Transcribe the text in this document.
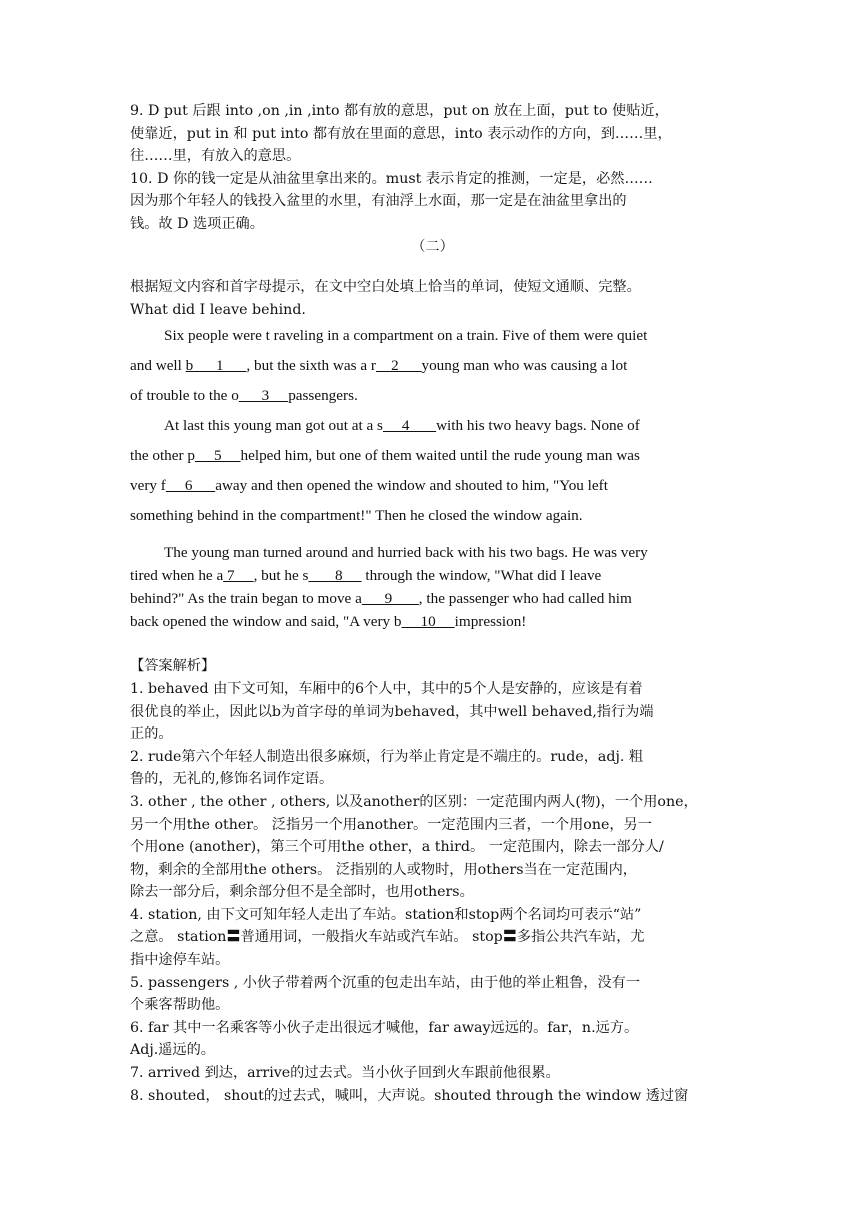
9. D put 后跟 into ,on ,in ,into 都有放的意思，put on 放在上面，put to 使贴近，

使靠近，put in 和 put into 都有放在里面的意思，into 表示动作的方向，到……里，

往……里，有放入的意思。

10. D 你的钱一定是从油盆里拿出来的。must 表示肯定的推测，一定是，必然……

因为那个年轻人的钱投入盆里的水里，有油浮上水面，那一定是在油盆里拿出的

钱。故 D 选项正确。

（二）

根据短文内容和首字母提示，在文中空白处填上恰当的单词，使短文通顺、完整。

What did I leave behind.

Six people were t raveling in a compartment on a train. Five of them were quiet

and well b      1      , but the sixth was a r    2      young man who was causing a lot

of trouble to the o      3     passengers.

At last this young man got out at a s     4       with his two heavy bags. None of

the other p     5     helped him, but one of them waited until the rude young man was

very f     6      away and then opened the window and shouted to him, "You left

something behind in the compartment!" Then he closed the window again.

The young man turned around and hurried back with his two bags. He was very

tired when he a 7     , but he s       8      through the window, "What did I leave

behind?" As the train began to move a      9       , the passenger who had called him

back opened the window and said, "A very b     10     impression!

【答案解析】

1. behaved 由下文可知，车厢中的6个人中，其中的5个人是安静的，应该是有着

很优良的举止，因此以b为首字母的单词为behaved，其中well behaved,指行为端

正的。

2. rude第六个年轻人制造出很多麻烦，行为举止肯定是不端庄的。rude，adj. 粗

鲁的，无礼的,修饰名词作定语。

3. other , the other , others, 以及another的区别：一定范围内两人(物)，一个用one，

另一个用the other。 泛指另一个用another。一定范围内三者，一个用one，另一

个用one (another)，第三个可用the other，a third。 一定范围内，除去一部分人/

物，剩余的全部用the others。 泛指别的人或物时，用others当在一定范围内，

除去一部分后，剩余部分但不是全部时，也用others。

4. station, 由下文可知年轻人走出了车站。station和stop两个名词均可表示“站”

之意。 station〓普通用词，一般指火车站或汽车站。 stop〓多指公共汽车站，尤

指中途停车站。

5. passengers , 小伙子带着两个沉重的包走出车站，由于他的举止粗鲁，没有一

个乘客帮助他。

6. far 其中一名乘客等小伙子走出很远才喊他，far away远远的。far，n.远方。

Adj.遥远的。

7. arrived 到达，arrive的过去式。当小伙子回到火车跟前他很累。

8. shouted， shout的过去式，喊叫，大声说。shouted through the window 透过窗
